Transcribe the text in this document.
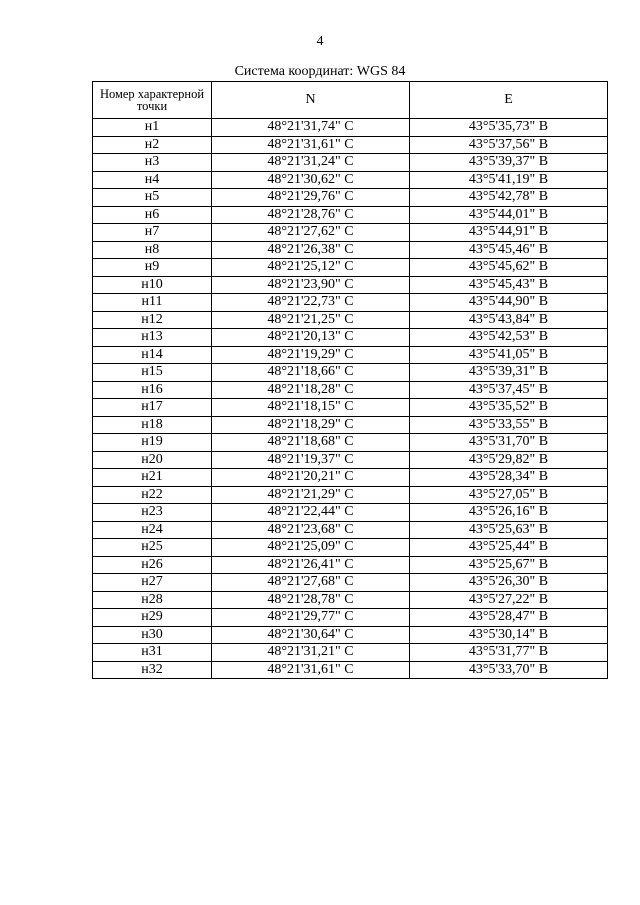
4
Система координат: WGS 84
Номер характерной точки	N	E
н1	48°21'31,74" С	43°5'35,73" В
н2	48°21'31,61" С	43°5'37,56" В
н3	48°21'31,24" С	43°5'39,37" В
н4	48°21'30,62" С	43°5'41,19" В
н5	48°21'29,76" С	43°5'42,78" В
н6	48°21'28,76" С	43°5'44,01" В
н7	48°21'27,62" С	43°5'44,91" В
н8	48°21'26,38" С	43°5'45,46" В
н9	48°21'25,12" С	43°5'45,62" В
н10	48°21'23,90" С	43°5'45,43" В
н11	48°21'22,73" С	43°5'44,90" В
н12	48°21'21,25" С	43°5'43,84" В
н13	48°21'20,13" С	43°5'42,53" В
н14	48°21'19,29" С	43°5'41,05" В
н15	48°21'18,66" С	43°5'39,31" В
н16	48°21'18,28" С	43°5'37,45" В
н17	48°21'18,15" С	43°5'35,52" В
н18	48°21'18,29" С	43°5'33,55" В
н19	48°21'18,68" С	43°5'31,70" В
н20	48°21'19,37" С	43°5'29,82" В
н21	48°21'20,21" С	43°5'28,34" В
н22	48°21'21,29" С	43°5'27,05" В
н23	48°21'22,44" С	43°5'26,16" В
н24	48°21'23,68" С	43°5'25,63" В
н25	48°21'25,09" С	43°5'25,44" В
н26	48°21'26,41" С	43°5'25,67" В
н27	48°21'27,68" С	43°5'26,30" В
н28	48°21'28,78" С	43°5'27,22" В
н29	48°21'29,77" С	43°5'28,47" В
н30	48°21'30,64" С	43°5'30,14" В
н31	48°21'31,21" С	43°5'31,77" В
н32	48°21'31,61" С	43°5'33,70" В
